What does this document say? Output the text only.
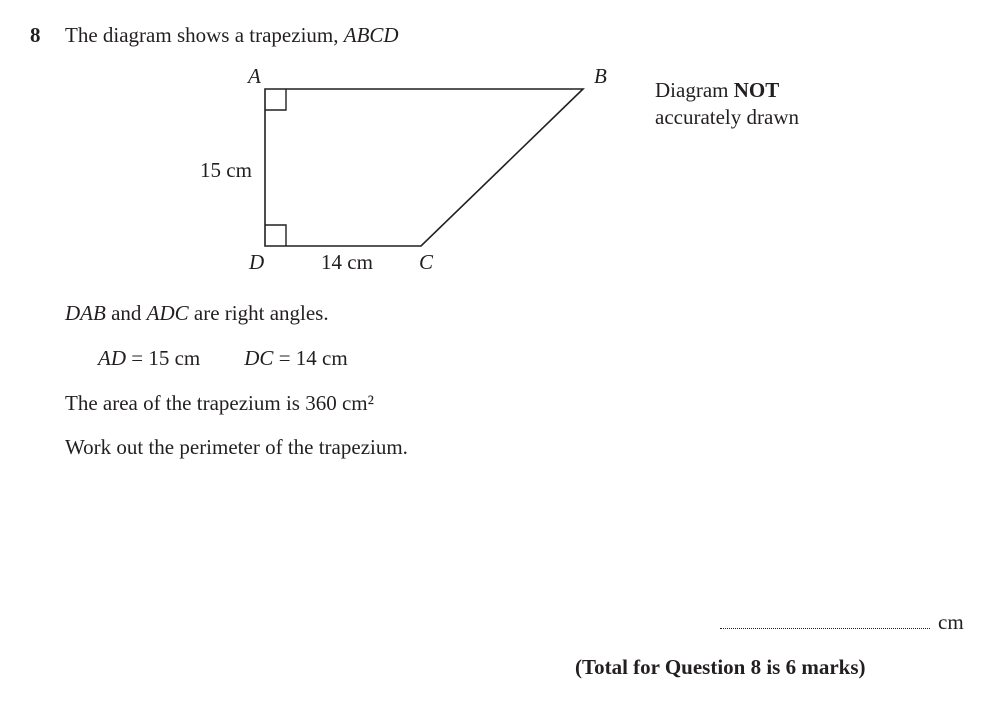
8 The diagram shows a trapezium, ABCD
A	B
D	C
15 cm
14 cm
Diagram NOT
accurately drawn
DAB and ADC are right angles.
AD = 15 cm DC = 14 cm
The area of the trapezium is 360 cm²
Work out the perimeter of the trapezium.
cm
(Total for Question 8 is 6 marks)
